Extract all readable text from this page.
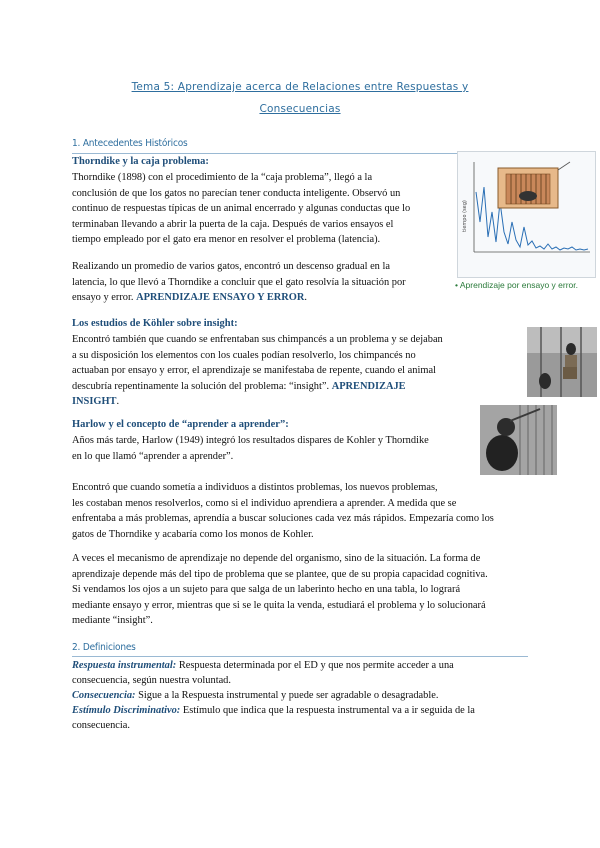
Tema 5: Aprendizaje acerca de Relaciones entre Respuestas y
Consecuencias
1. Antecedentes Históricos
Thorndike y la caja problema:
Thorndike (1898) con el procedimiento de la “caja problema”, llegó a la
conclusión de que los gatos no parecían tener conducta inteligente. Observó un
continuo de respuestas típicas de un animal encerrado y algunas conductas que lo
terminaban llevando a abrir la puerta de la caja. Después de varios ensayos el
tiempo empleado por el gato era menor en resolver el problema (latencia).
Realizando un promedio de varios gatos, encontró un descenso gradual en la
latencia, lo que llevó a Thorndike a concluir que el gato resolvía la situación por
ensayo y error. APRENDIZAJE ENSAYO Y ERROR.
tiempo (seg)
• Aprendizaje por ensayo y error.
Los estudios de Köhler sobre insight:
Encontró también que cuando se enfrentaban sus chimpancés a un problema y se dejaban
a su disposición los elementos con los cuales podían resolverlo, los chimpancés no
actuaban por ensayo y error, el aprendizaje se manifestaba de repente, cuando el animal
descubría repentinamente la solución del problema: “insight”. APRENDIZAJE
INSIGHT.
Harlow y el concepto de “aprender a aprender”:
Años más tarde, Harlow (1949) integró los resultados dispares de Kohler y Thorndike
en lo que llamó “aprender a aprender”.
Encontró que cuando sometía a individuos a distintos problemas, los nuevos problemas,
les costaban menos resolverlos, como si el individuo aprendiera a aprender. A medida que se
enfrentaba a más problemas, aprendía a buscar soluciones cada vez más rápidos. Empezaría como los
gatos de Thorndike y acabaría como los monos de Kohler.
A veces el mecanismo de aprendizaje no depende del organismo, sino de la situación. La forma de
aprendizaje depende más del tipo de problema que se plantee, que de su propia capacidad cognitiva.
Si vendamos los ojos a un sujeto para que salga de un laberinto hecho en una tabla, lo logrará
mediante ensayo y error, mientras que si se le quita la venda, estudiará el problema y lo solucionará
mediante “insight”.
2. Definiciones
Respuesta instrumental: Respuesta determinada por el ED y que nos permite acceder a una
consecuencia, según nuestra voluntad.
Consecuencia: Sigue a la Respuesta instrumental y puede ser agradable o desagradable.
Estímulo Discriminativo: Estímulo que indica que la respuesta instrumental va a ir seguida de la
consecuencia.
